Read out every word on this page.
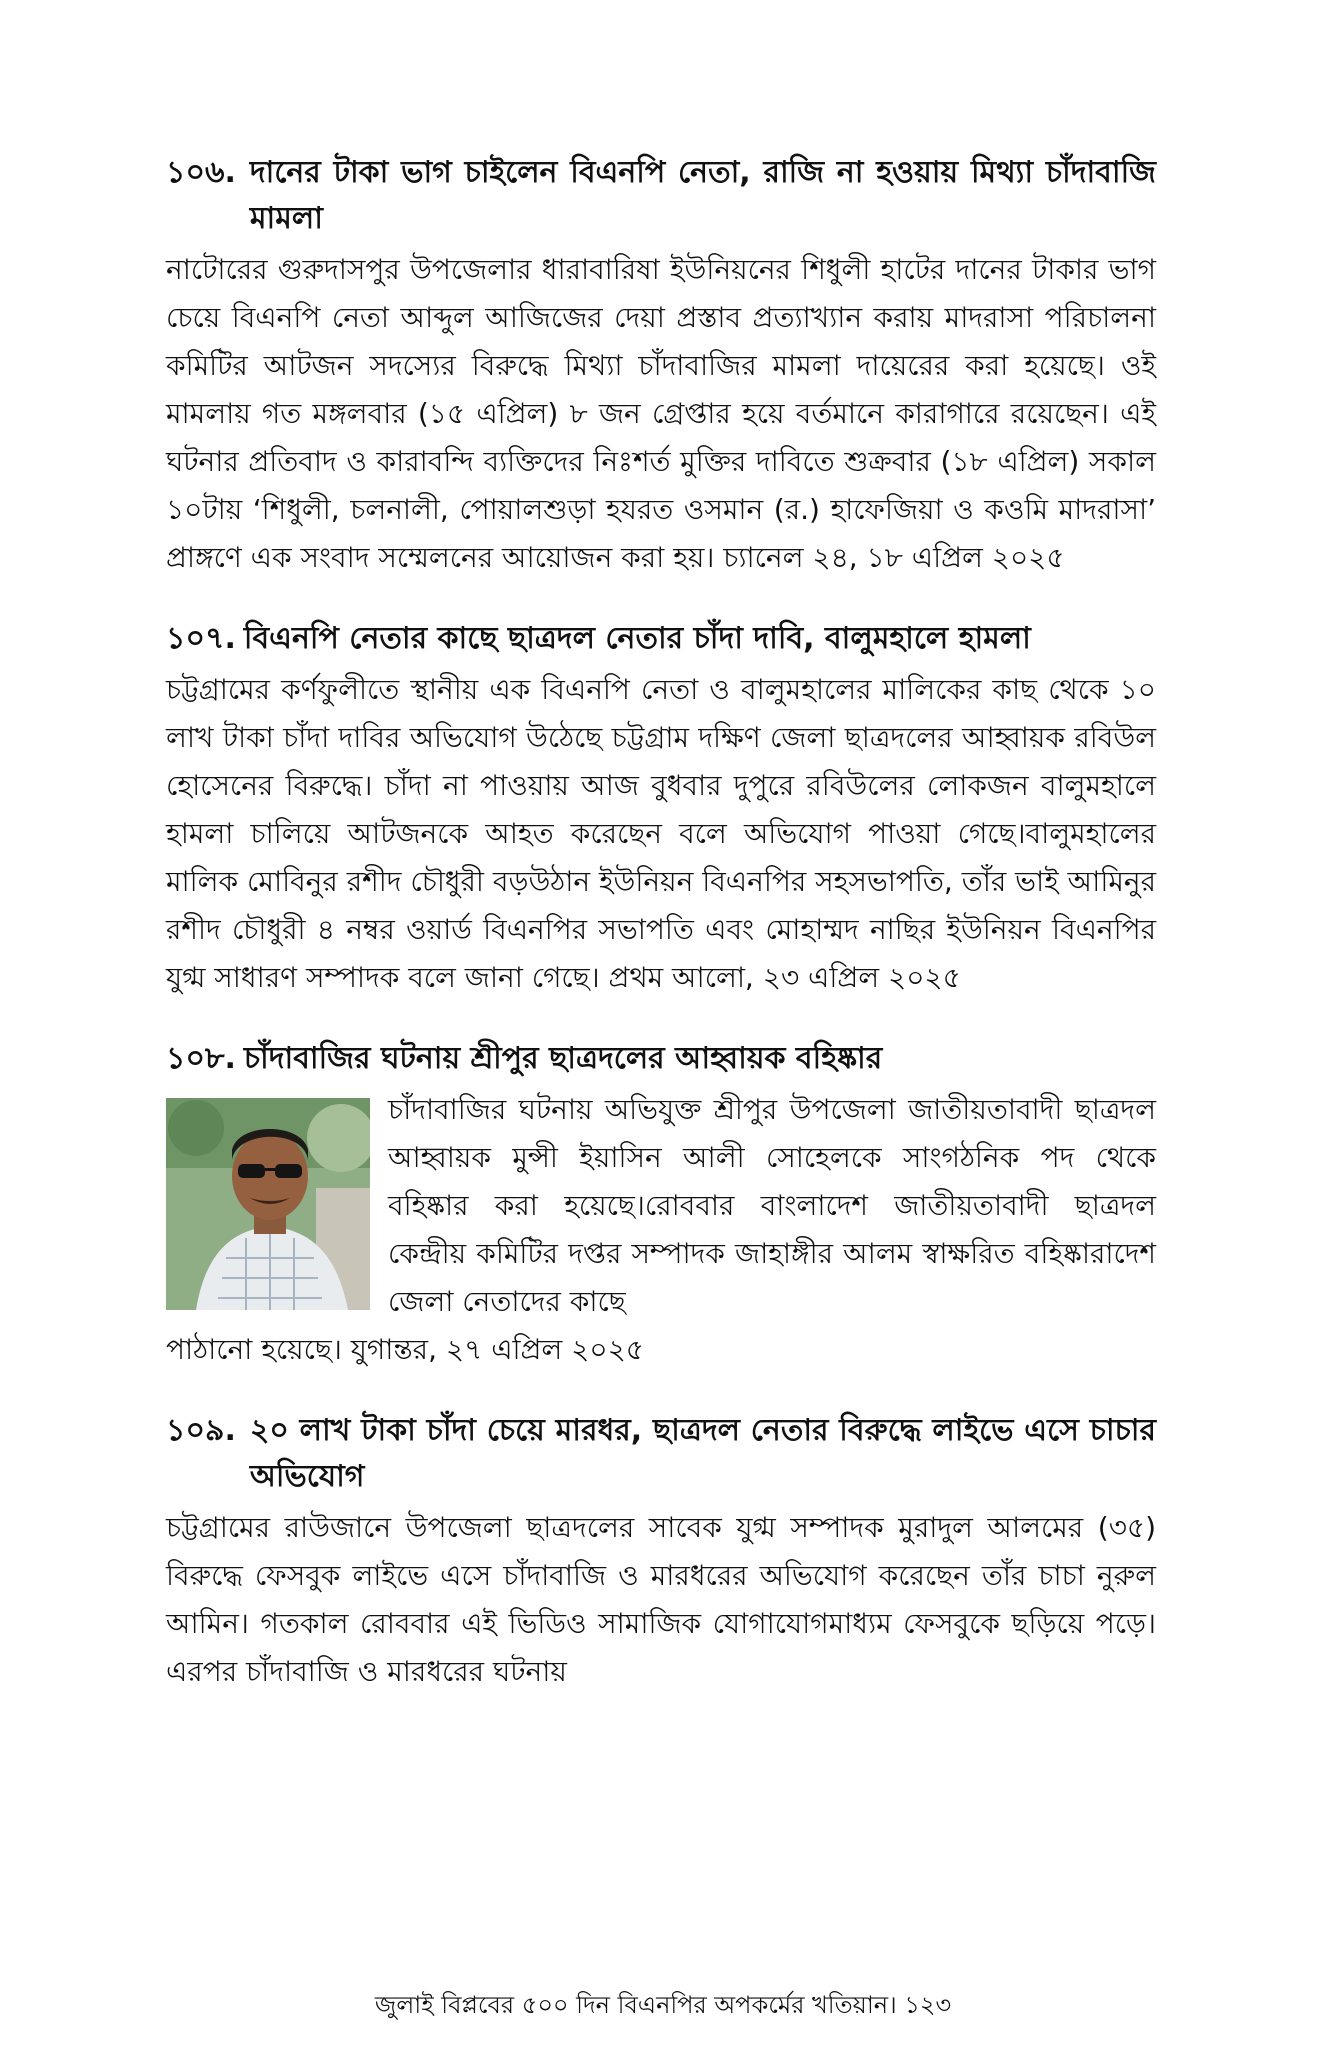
১০৬. দানের টাকা ভাগ চাইলেন বিএনপি নেতা, রাজি না হওয়ায় মিথ্যা চাঁদাবাজি মামলা

নাটোরের গুরুদাসপুর উপজেলার ধারাবারিষা ইউনিয়নের শিধুলী হাটের দানের টাকার ভাগ চেয়ে বিএনপি নেতা আব্দুল আজিজের দেয়া প্রস্তাব প্রত্যাখ্যান করায় মাদরাসা পরিচালনা কমিটির আটজন সদস্যের বিরুদ্ধে মিথ্যা চাঁদাবাজির মামলা দায়েরের করা হয়েছে। ওই মামলায় গত মঙ্গলবার (১৫ এপ্রিল) ৮ জন গ্রেপ্তার হয়ে বর্তমানে কারাগারে রয়েছেন। এই ঘটনার প্রতিবাদ ও কারাবন্দি ব্যক্তিদের নিঃশর্ত মুক্তির দাবিতে শুক্রবার (১৮ এপ্রিল) সকাল ১০টায় ‘শিধুলী, চলনালী, পোয়ালশুড়া হযরত ওসমান (র.) হাফেজিয়া ও কওমি মাদরাসা’ প্রাঙ্গণে এক সংবাদ সম্মেলনের আয়োজন করা হয়। চ্যানেল ২৪, ১৮ এপ্রিল ২০২৫

১০৭. বিএনপি নেতার কাছে ছাত্রদল নেতার চাঁদা দাবি, বালুমহালে হামলা

চট্টগ্রামের কর্ণফুলীতে স্থানীয় এক বিএনপি নেতা ও বালুমহালের মালিকের কাছ থেকে ১০ লাখ টাকা চাঁদা দাবির অভিযোগ উঠেছে চট্টগ্রাম দক্ষিণ জেলা ছাত্রদলের আহ্বায়ক রবিউল হোসেনের বিরুদ্ধে। চাঁদা না পাওয়ায় আজ বুধবার দুপুরে রবিউলের লোকজন বালুমহালে হামলা চালিয়ে আটজনকে আহত করেছেন বলে অভিযোগ পাওয়া গেছে।বালুমহালের মালিক মোবিনুর রশীদ চৌধুরী বড়উঠান ইউনিয়ন বিএনপির সহসভাপতি, তাঁর ভাই আমিনুর রশীদ চৌধুরী ৪ নম্বর ওয়ার্ড বিএনপির সভাপতি এবং মোহাম্মদ নাছির ইউনিয়ন বিএনপির যুগ্ম সাধারণ সম্পাদক বলে জানা গেছে। প্রথম আলো, ২৩ এপ্রিল ২০২৫

১০৮. চাঁদাবাজির ঘটনায় শ্রীপুর ছাত্রদলের আহ্বায়ক বহিষ্কার

চাঁদাবাজির ঘটনায় অভিযুক্ত শ্রীপুর উপজেলা জাতীয়তাবাদী ছাত্রদল আহ্বায়ক মুন্সী ইয়াসিন আলী সোহেলকে সাংগঠনিক পদ থেকে বহিষ্কার করা হয়েছে।রোববার বাংলাদেশ জাতীয়তাবাদী ছাত্রদল কেন্দ্রীয় কমিটির দপ্তর সম্পাদক জাহাঙ্গীর আলম স্বাক্ষরিত বহিষ্কারাদেশ জেলা নেতাদের কাছে

পাঠানো হয়েছে। যুগান্তর, ২৭ এপ্রিল ২০২৫

১০৯. ২০ লাখ টাকা চাঁদা চেয়ে মারধর, ছাত্রদল নেতার বিরুদ্ধে লাইভে এসে চাচার অভিযোগ

চট্টগ্রামের রাউজানে উপজেলা ছাত্রদলের সাবেক যুগ্ম সম্পাদক মুরাদুল আলমের (৩৫) বিরুদ্ধে ফেসবুক লাইভে এসে চাঁদাবাজি ও মারধরের অভিযোগ করেছেন তাঁর চাচা নুরুল আমিন। গতকাল রোববার এই ভিডিও সামাজিক যোগাযোগমাধ্যম ফেসবুকে ছড়িয়ে পড়ে। এরপর চাঁদাবাজি ও মারধরের ঘটনায়

জুলাই বিপ্লবের ৫০০ দিন বিএনপির অপকর্মের খতিয়ান। ১২৩
